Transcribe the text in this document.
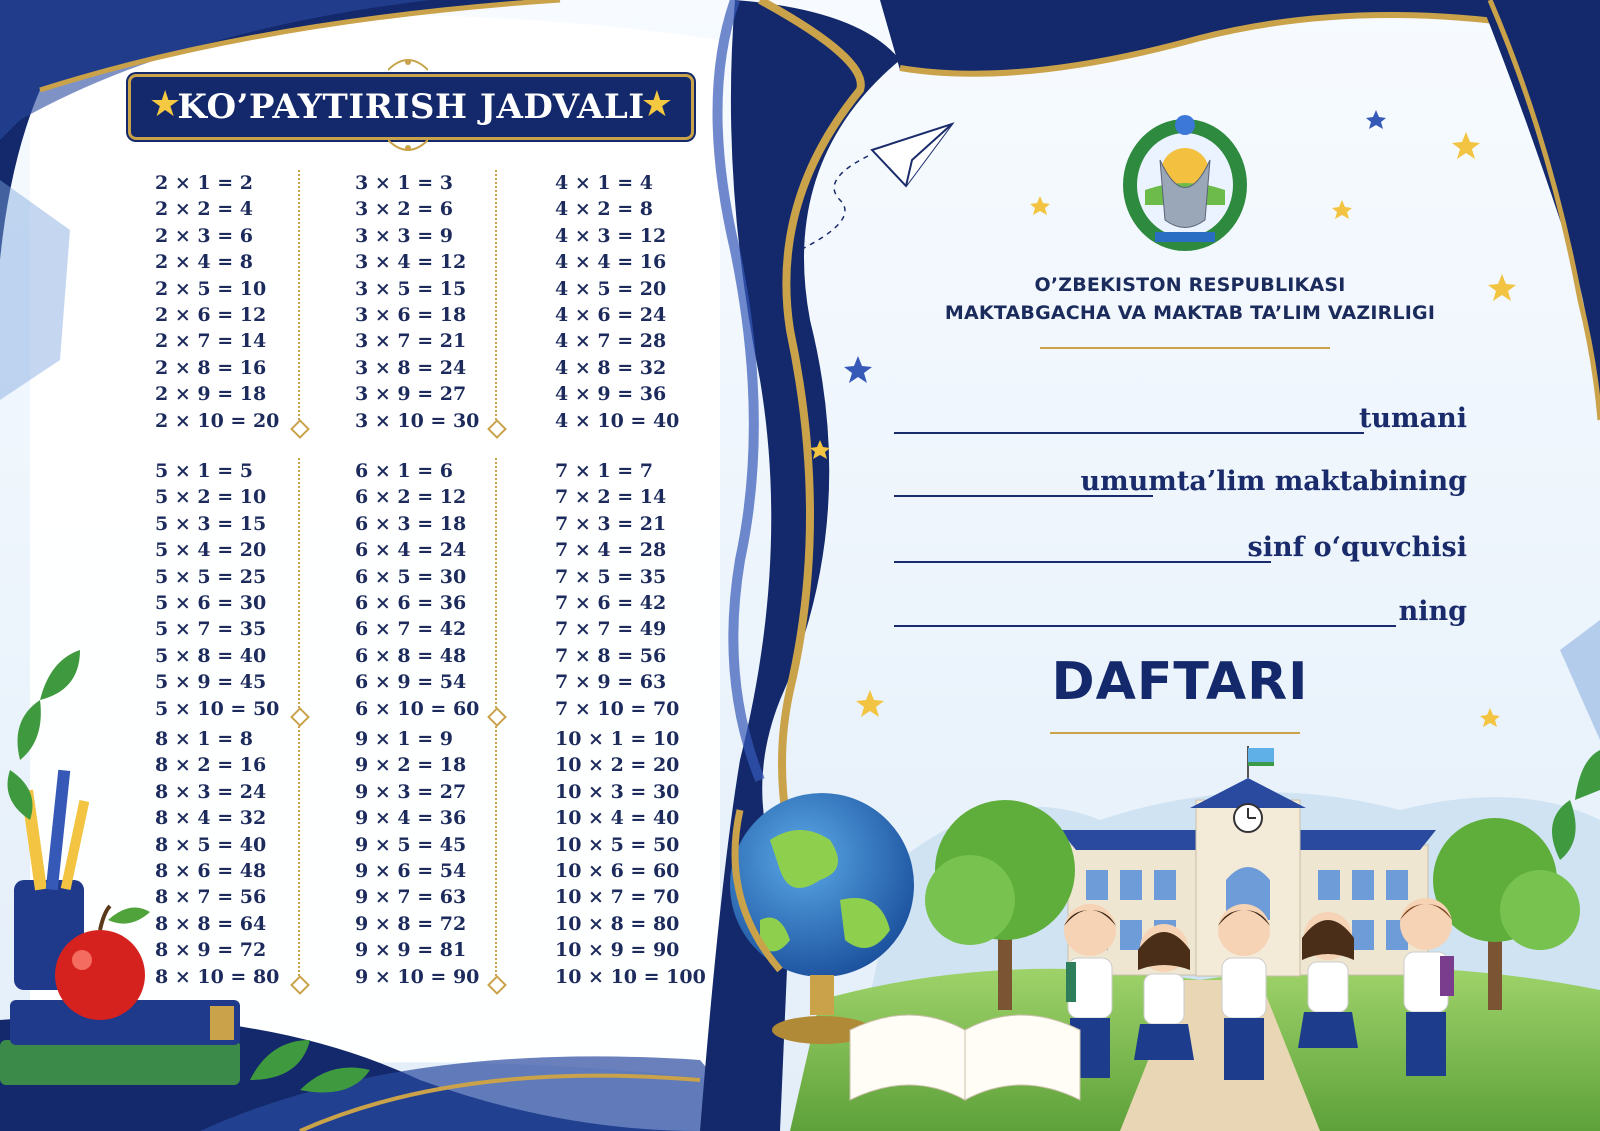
★
KO’PAYTIRISH JADVALI
★
2 × 1 = 2
2 × 2 = 4
2 × 3 = 6
2 × 4 = 8
2 × 5 = 10
2 × 6 = 12
2 × 7 = 14
2 × 8 = 16
2 × 9 = 18
2 × 10 = 20
3 × 1 = 3
3 × 2 = 6
3 × 3 = 9
3 × 4 = 12
3 × 5 = 15
3 × 6 = 18
3 × 7 = 21
3 × 8 = 24
3 × 9 = 27
3 × 10 = 30
4 × 1 = 4
4 × 2 = 8
4 × 3 = 12
4 × 4 = 16
4 × 5 = 20
4 × 6 = 24
4 × 7 = 28
4 × 8 = 32
4 × 9 = 36
4 × 10 = 40
5 × 1 = 5
5 × 2 = 10
5 × 3 = 15
5 × 4 = 20
5 × 5 = 25
5 × 6 = 30
5 × 7 = 35
5 × 8 = 40
5 × 9 = 45
5 × 10 = 50
6 × 1 = 6
6 × 2 = 12
6 × 3 = 18
6 × 4 = 24
6 × 5 = 30
6 × 6 = 36
6 × 7 = 42
6 × 8 = 48
6 × 9 = 54
6 × 10 = 60
7 × 1 = 7
7 × 2 = 14
7 × 3 = 21
7 × 4 = 28
7 × 5 = 35
7 × 6 = 42
7 × 7 = 49
7 × 8 = 56
7 × 9 = 63
7 × 10 = 70
8 × 1 = 8
8 × 2 = 16
8 × 3 = 24
8 × 4 = 32
8 × 5 = 40
8 × 6 = 48
8 × 7 = 56
8 × 8 = 64
8 × 9 = 72
8 × 10 = 80
9 × 1 = 9
9 × 2 = 18
9 × 3 = 27
9 × 4 = 36
9 × 5 = 45
9 × 6 = 54
9 × 7 = 63
9 × 8 = 72
9 × 9 = 81
9 × 10 = 90
10 × 1 = 10
10 × 2 = 20
10 × 3 = 30
10 × 4 = 40
10 × 5 = 50
10 × 6 = 60
10 × 7 = 70
10 × 8 = 80
10 × 9 = 90
10 × 10 = 100
O’ZBEKISTON RESPUBLIKASI
MAKTABGACHA VA MAKTAB TA’LIM VAZIRLIGI
tumani
umumta’lim maktabining
sinf o‘quvchisi
ning
DAFTARI
